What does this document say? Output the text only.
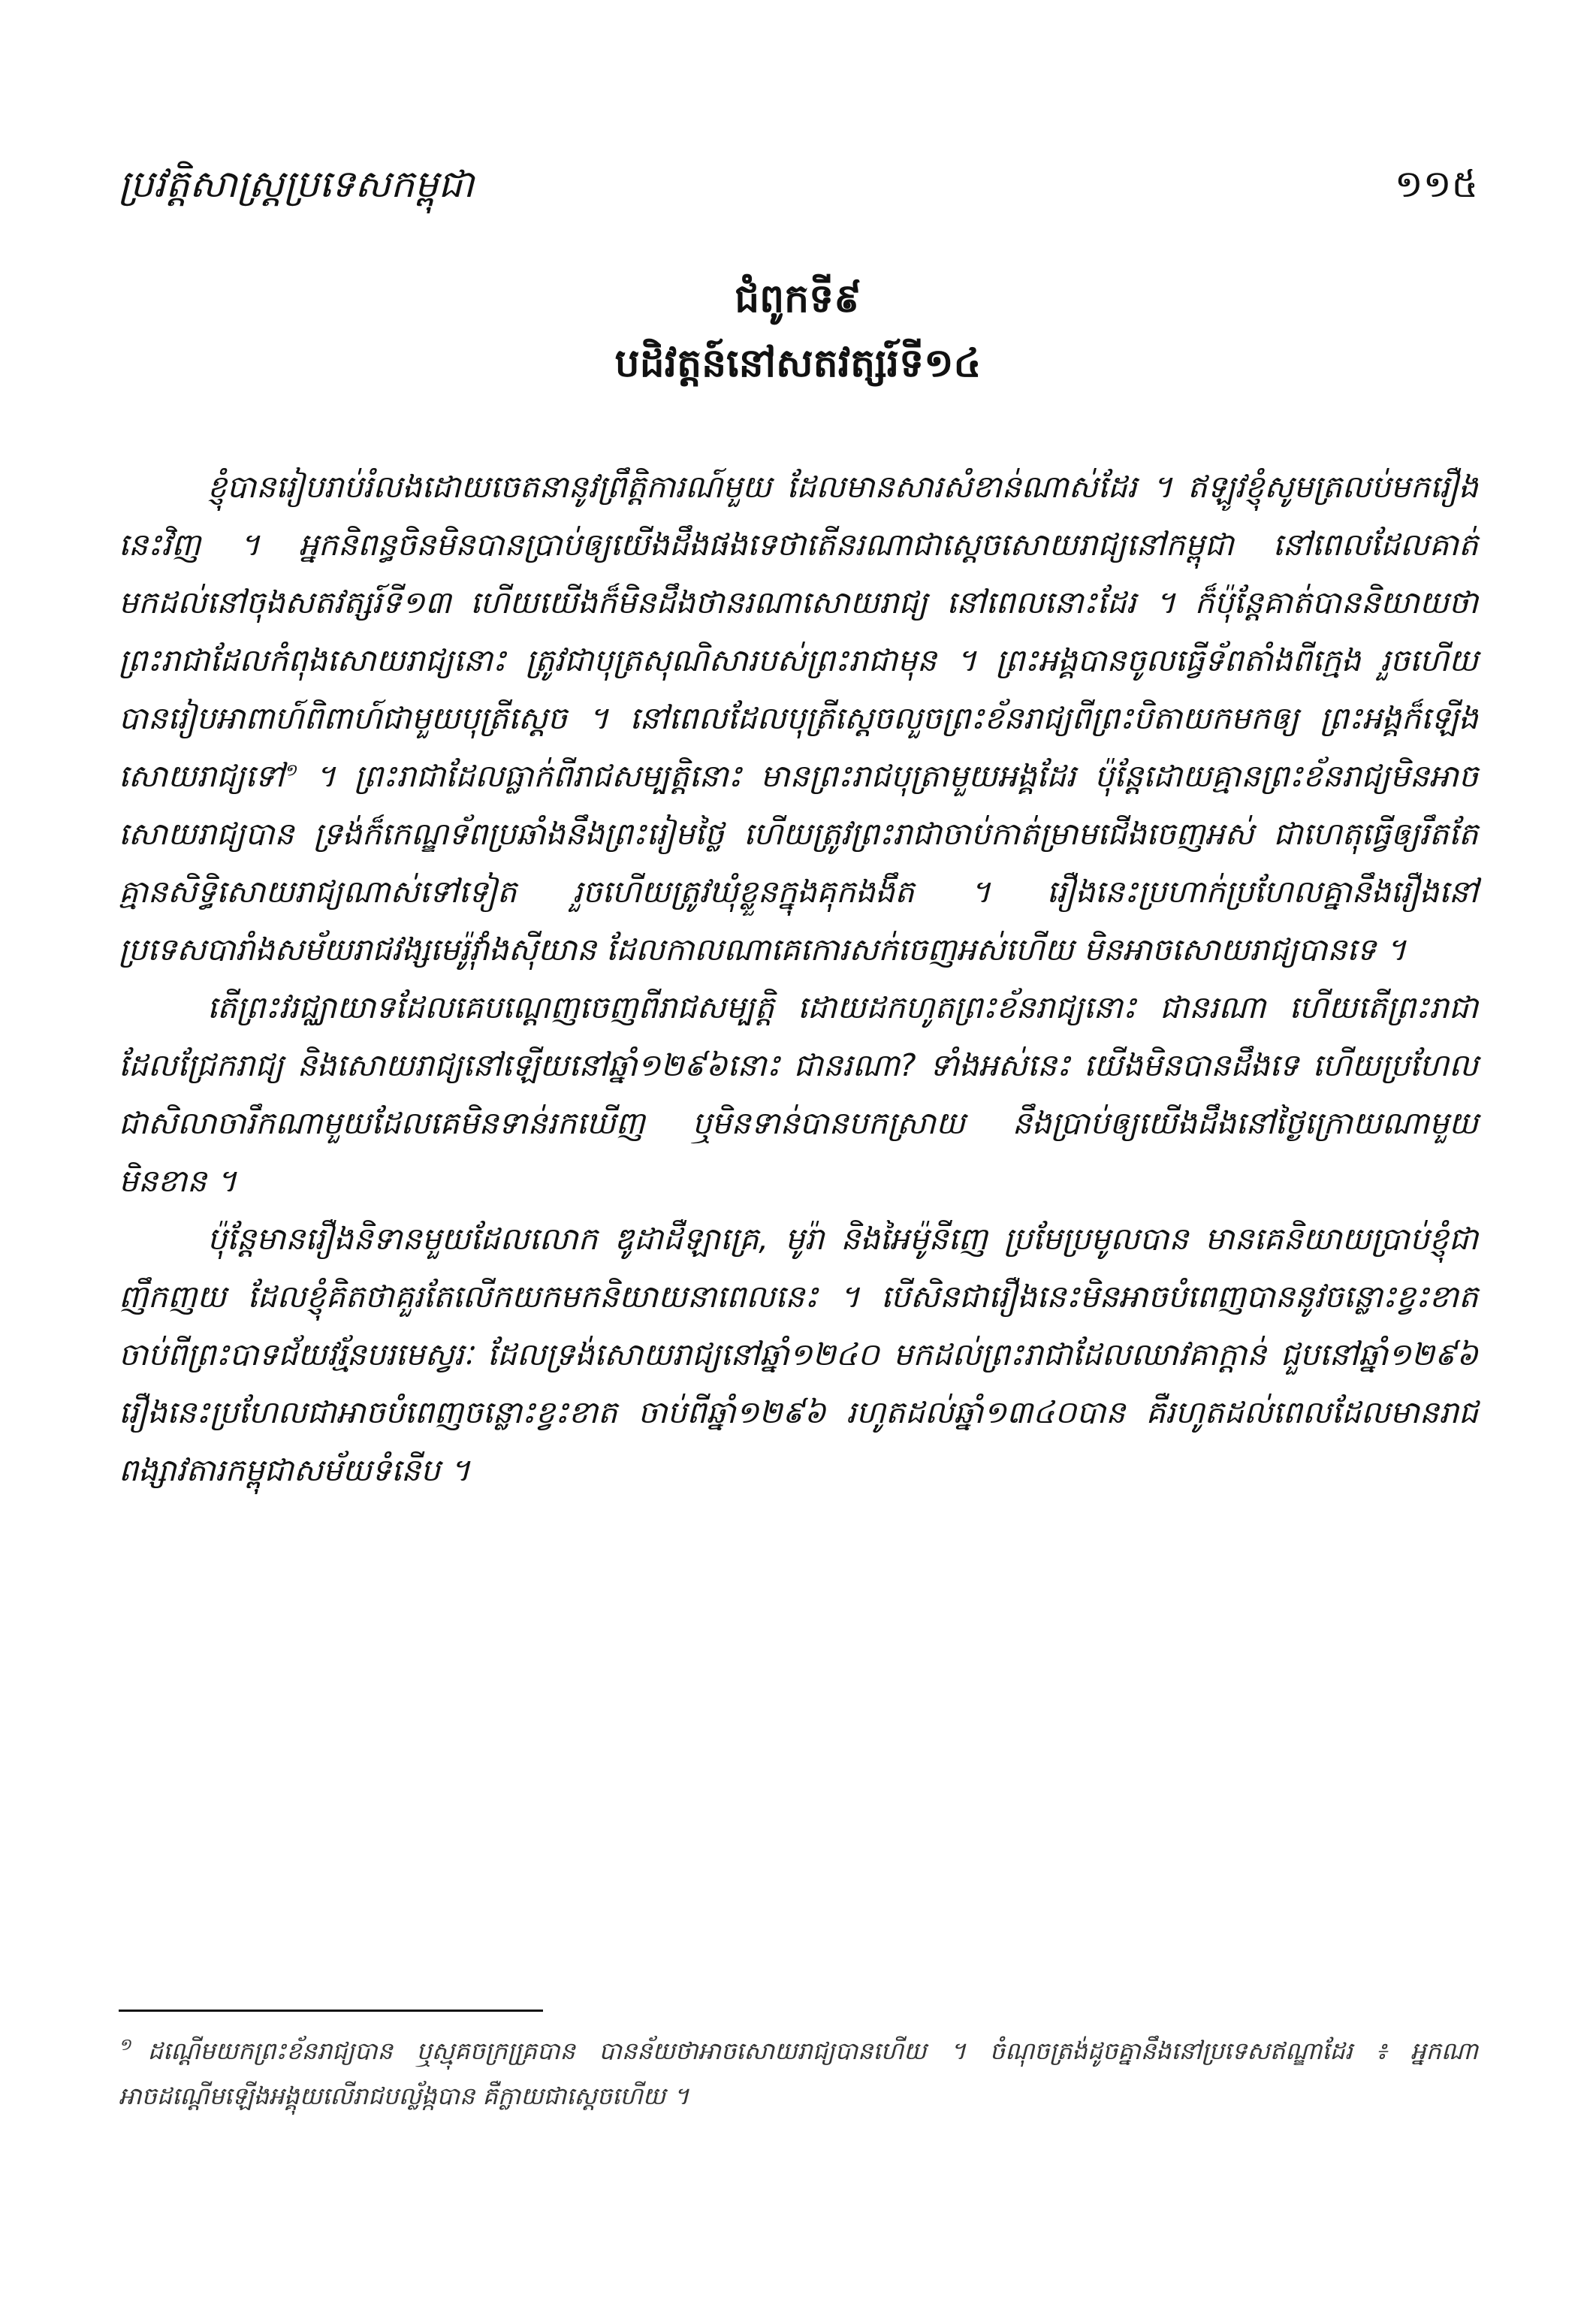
ប្រវត្តិសាស្ត្រប្រទេសកម្ពុជា	១១៥
ជំពូកទី៩
បដិវត្តន៍នៅសតវត្សរ៍ទី១៤

ខ្ញុំបានរៀបរាប់រំលងដោយចេតនានូវព្រឹត្តិការណ៍មួយ ដែលមានសារសំខាន់ណាស់ដែរ ។ ឥឡូវខ្ញុំសូមត្រលប់មករឿងនេះវិញ ។ អ្នកនិពន្ធចិនមិនបានប្រាប់ឲ្យយើងដឹងផងទេថាតើនរណាជាស្តេចសោយរាជ្យនៅកម្ពុជា នៅពេលដែលគាត់មកដល់នៅចុងសតវត្សរ៍ទី១៣ ហើយយើងក៏មិនដឹងថានរណាសោយរាជ្យ នៅពេលនោះដែរ ។ ក៏ប៉ុន្តែគាត់បាននិយាយថា ព្រះរាជាដែលកំពុងសោយរាជ្យនោះ ត្រូវជាបុត្រសុណិសារបស់ព្រះរាជាមុន ។ ព្រះអង្គបានចូលធ្វើទ័ពតាំងពីក្មេង រួចហើយបានរៀបអាពាហ៍ពិពាហ៍ជាមួយបុត្រីស្តេច ។ នៅពេលដែលបុត្រីស្តេចលួចព្រះខ័នរាជ្យពីព្រះបិតាយកមកឲ្យ ព្រះអង្គក៏ឡើងសោយរាជ្យទៅ$^១$ ។ ព្រះរាជាដែលធ្លាក់ពីរាជសម្បត្តិនោះ មានព្រះរាជបុត្រាមួយអង្គដែរ ប៉ុន្តែដោយគ្មានព្រះខ័នរាជ្យមិនអាចសោយរាជ្យបាន ទ្រង់ក៏កេណ្ឌទ័ពប្រឆាំងនឹងព្រះរៀមថ្លៃ ហើយត្រូវព្រះរាជាចាប់កាត់ម្រាមជើងចេញអស់ ជាហេតុធ្វើឲ្យរឹតតែគ្មានសិទ្ធិសោយរាជ្យណាស់ទៅទៀត រួចហើយត្រូវឃុំខ្លួនក្នុងគុកងងឹត ។ រឿងនេះប្រហាក់ប្រហែលគ្នានឹងរឿងនៅប្រទេសបារាំងសម័យរាជវង្សមេរ៉ូវ៉ាំងស៊ីយាន ដែលកាលណាគេកោរសក់ចេញអស់ហើយ មិនអាចសោយរាជ្យបានទេ ។

តើព្រះវរជ្ឈាយាទដែលគេបណ្តេញចេញពីរាជសម្បត្តិ ដោយដកហូតព្រះខ័នរាជ្យនោះ ជានរណា ហើយតើព្រះរាជាដែលជ្រែករាជ្យ និងសោយរាជ្យនៅឡើយនៅឆ្នាំ១២៩៦នោះ ជានរណា? ទាំងអស់នេះ យើងមិនបានដឹងទេ ហើយប្រហែលជាសិលាចារឹកណាមួយដែលគេមិនទាន់រកឃើញ ឬមិនទាន់បានបកស្រាយ នឹងប្រាប់ឲ្យយើងដឹងនៅថ្ងៃក្រោយណាមួយមិនខាន ។

ប៉ុន្តែមានរឿងនិទានមួយដែលលោក ឌូដាដឺឡាគ្រេ, មូរ៉ា និងអៃម៉ូនីញេ ប្រមែប្រមូលបាន មានគេនិយាយប្រាប់ខ្ញុំជាញឹកញយ ដែលខ្ញុំគិតថាគួរតែលើកយកមកនិយាយនាពេលនេះ ។ បើសិនជារឿងនេះមិនអាចបំពេញបាននូវចន្លោះខ្វះខាតចាប់ពីព្រះបាទជ័យវរ្ម័នបរមេស្វរៈ ដែលទ្រង់សោយរាជ្យនៅឆ្នាំ១២៤០ មកដល់ព្រះរាជាដែលឈាវគាក្តាន់ ជួបនៅឆ្នាំ១២៩៦ រឿងនេះប្រហែលជាអាចបំពេញចន្លោះខ្វះខាត ចាប់ពីឆ្នាំ១២៩៦ រហូតដល់ឆ្នាំ១៣៤០បាន គឺរហូតដល់ពេលដែលមានរាជពង្សាវតារកម្ពុជាសម័យទំនើប ។

$^១$ ដណ្តើមយកព្រះខ័នរាជ្យបាន ឬស្មុគចក្រគ្រ្របាន បានន័យថាអាចសោយរាជ្យបានហើយ ។ ចំណុចត្រង់ដូចគ្នានឹងនៅប្រទេសឥណ្ឌាដែរ ៖ អ្នកណាអាចដណ្តើមឡើងអង្គុយលើរាជបល្ល័ង្កបាន គឺក្លាយជាស្តេចហើយ ។
